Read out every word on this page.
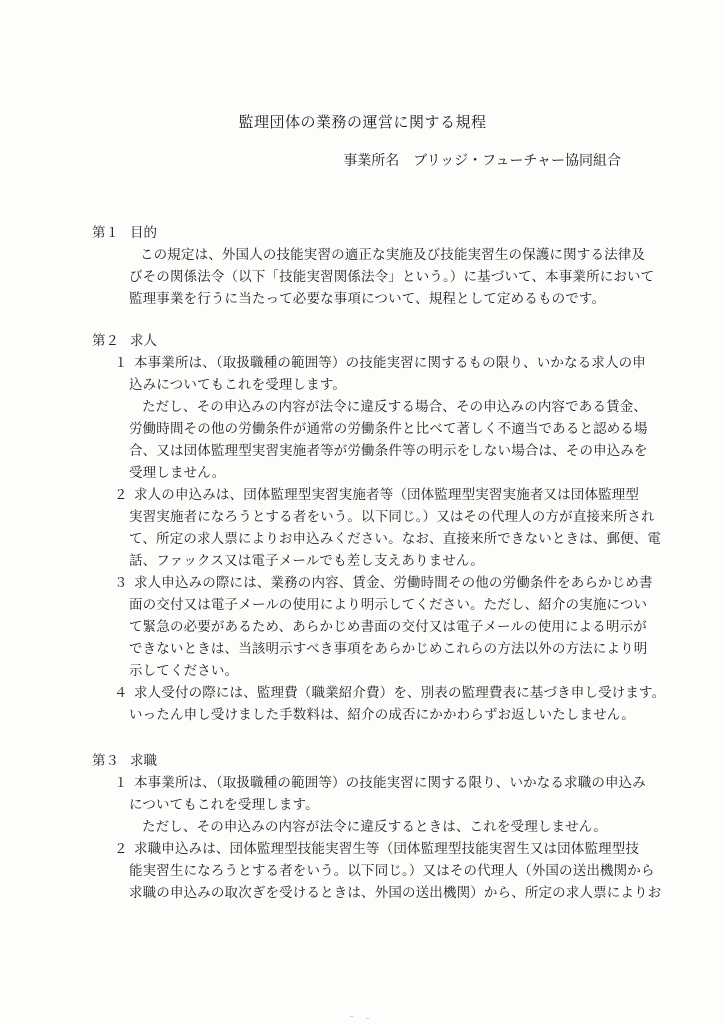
監理団体の業務の運営に関する規程
事業所名 ブリッジ・フューチャー協同組合
第１ 目的
この規定は、外国人の技能実習の適正な実施及び技能実習生の保護に関する法律及
びその関係法令（以下「技能実習関係法令」という。）に基づいて、本事業所において
監理事業を行うに当たって必要な事項について、規程として定めるものです。
第２ 求人
１ 本事業所は、（取扱職種の範囲等）の技能実習に関するもの限り、いかなる求人の申
込みについてもこれを受理します。
ただし、その申込みの内容が法令に違反する場合、その申込みの内容である賃金、
労働時間その他の労働条件が通常の労働条件と比べて著しく不適当であると認める場
合、又は団体監理型実習実施者等が労働条件等の明示をしない場合は、その申込みを
受理しません。
２ 求人の申込みは、団体監理型実習実施者等（団体監理型実習実施者又は団体監理型
実習実施者になろうとする者をいう。以下同じ。）又はその代理人の方が直接来所され
て、所定の求人票によりお申込みください。なお、直接来所できないときは、郵便、電
話、ファックス又は電子メールでも差し支えありません。
３ 求人申込みの際には、業務の内容、賃金、労働時間その他の労働条件をあらかじめ書
面の交付又は電子メールの使用により明示してください。ただし、紹介の実施につい
て緊急の必要があるため、あらかじめ書面の交付又は電子メールの使用による明示が
できないときは、当該明示すべき事項をあらかじめこれらの方法以外の方法により明
示してください。
４ 求人受付の際には、監理費（職業紹介費）を、別表の監理費表に基づき申し受けます。
いったん申し受けました手数料は、紹介の成否にかかわらずお返しいたしません。
第３ 求職
１ 本事業所は、（取扱職種の範囲等）の技能実習に関する限り、いかなる求職の申込み
についてもこれを受理します。
ただし、その申込みの内容が法令に違反するときは、これを受理しません。
２ 求職申込みは、団体監理型技能実習生等（団体監理型技能実習生又は団体監理型技
能実習生になろうとする者をいう。以下同じ。）又はその代理人（外国の送出機関から
求職の申込みの取次ぎを受けるときは、外国の送出機関）から、所定の求人票によりお
